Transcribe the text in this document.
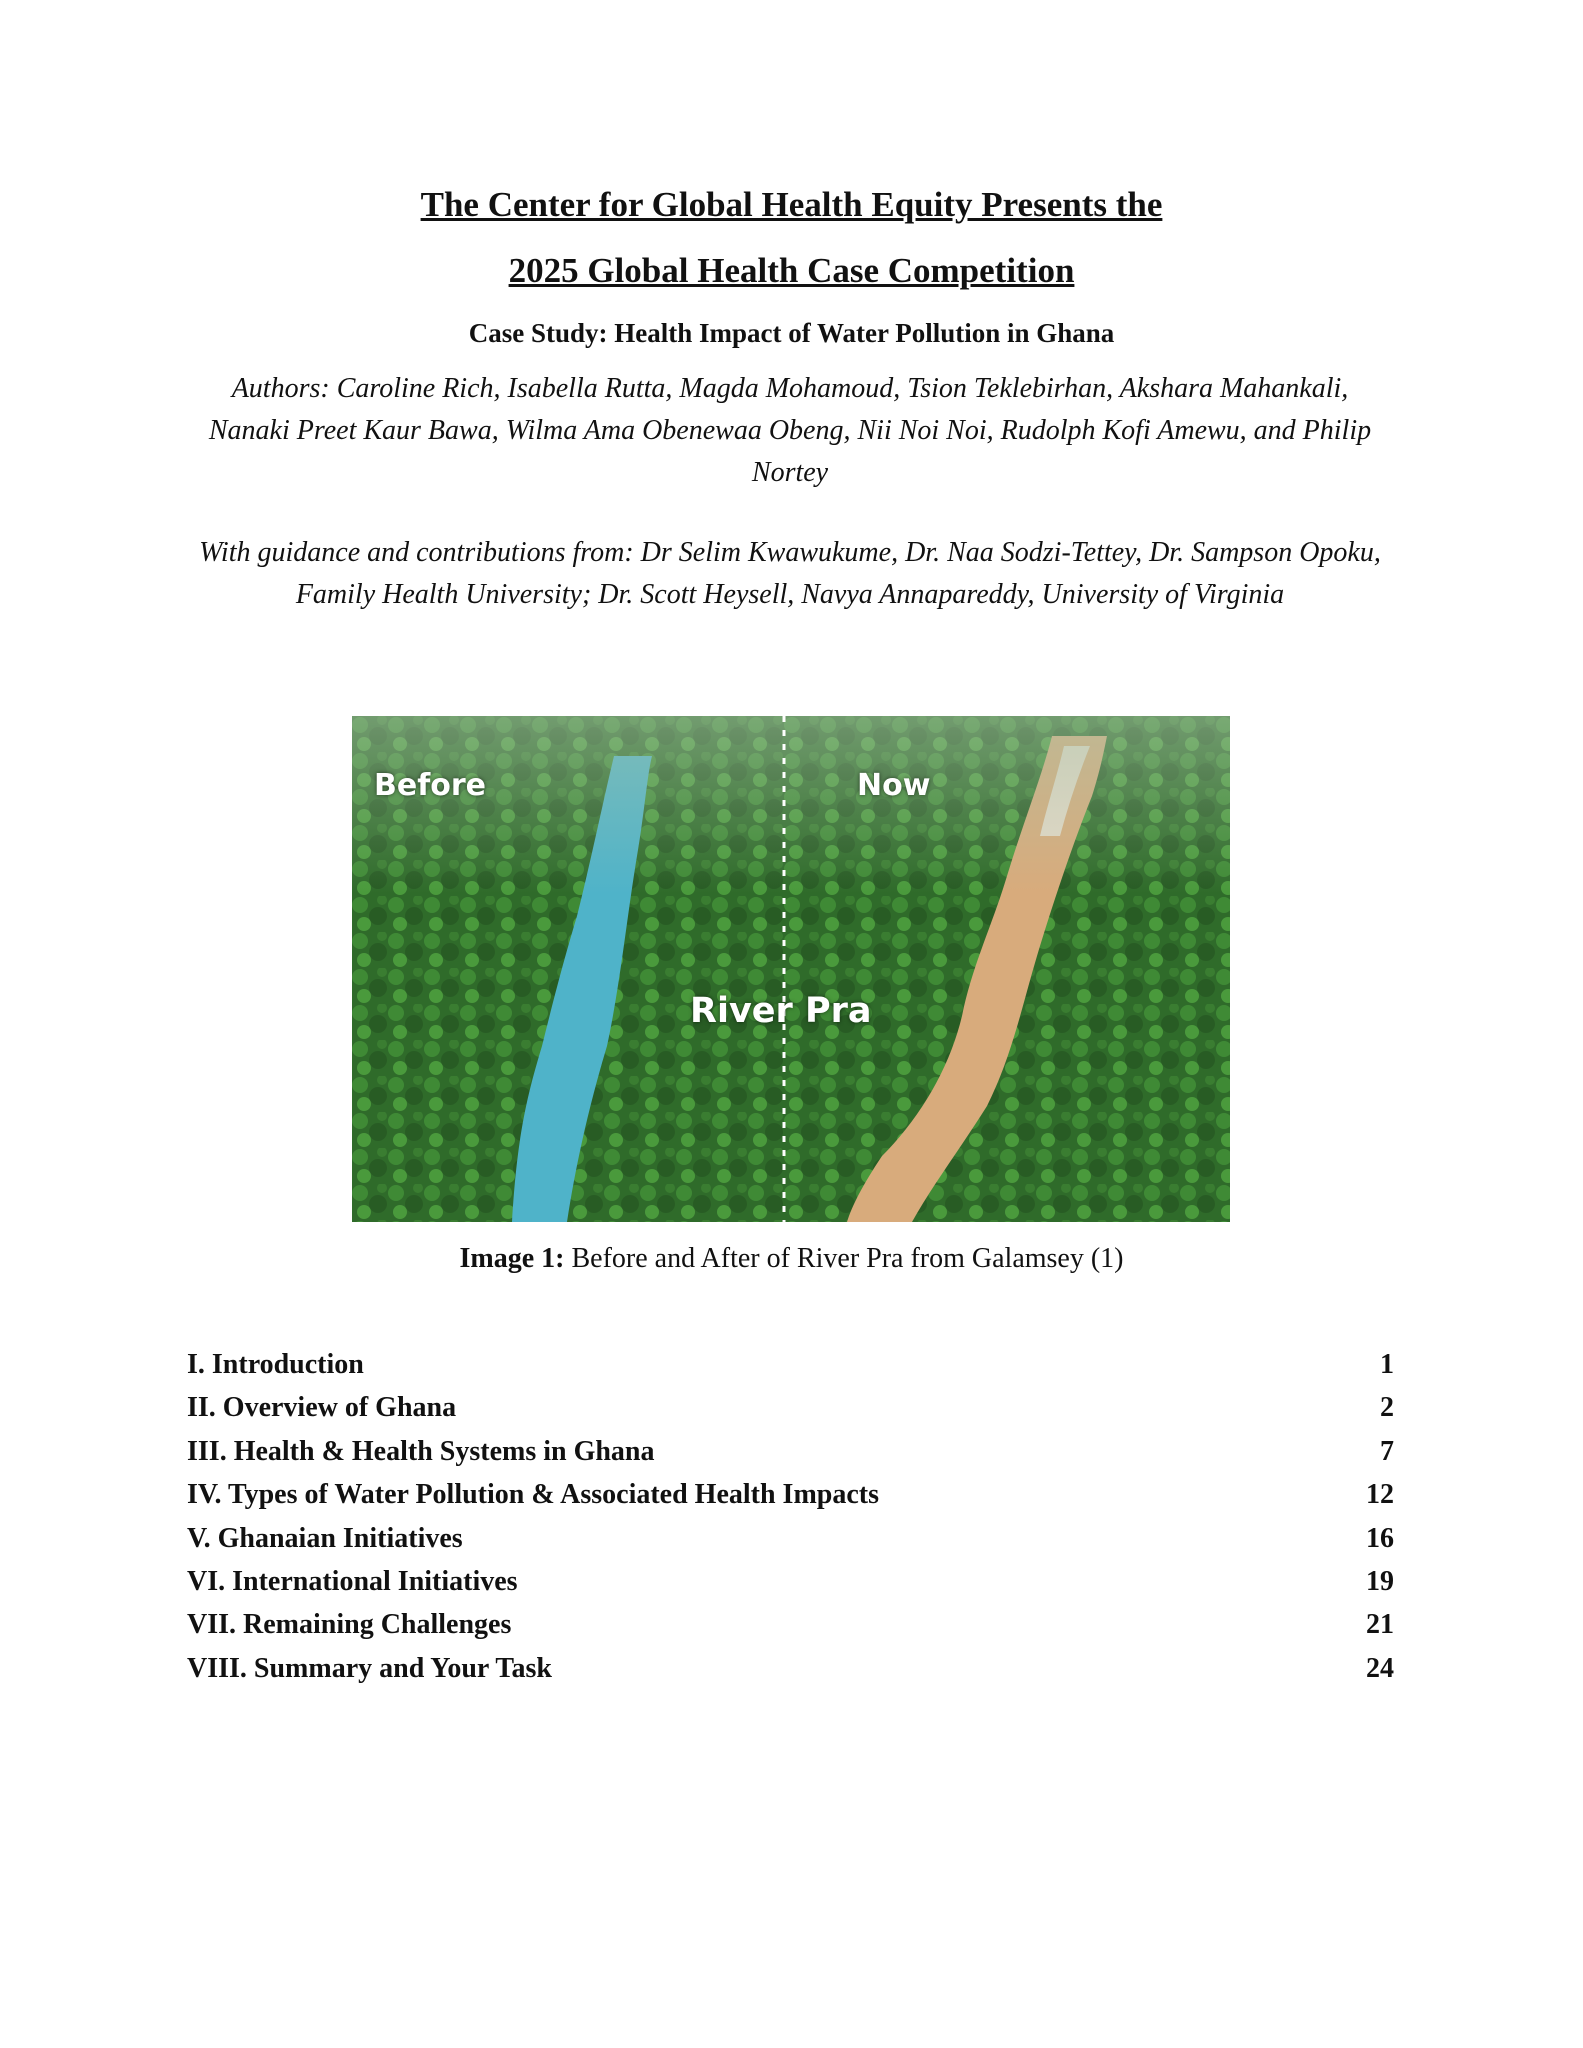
The Center for Global Health Equity Presents the
2025 Global Health Case Competition
Case Study: Health Impact of Water Pollution in Ghana
Authors: Caroline Rich, Isabella Rutta, Magda Mohamoud, Tsion Teklebirhan, Akshara Mahankali, Nanaki Preet Kaur Bawa, Wilma Ama Obenewaa Obeng, Nii Noi Noi, Rudolph Kofi Amewu, and Philip Nortey
With guidance and contributions from: Dr Selim Kwawukume, Dr. Naa Sodzi-Tettey, Dr. Sampson Opoku, Family Health University; Dr. Scott Heysell, Navya Annapareddy, University of Virginia
Before	Now
River Pra
Image 1: Before and After of River Pra from Galamsey (1)
I. Introduction	1
II. Overview of Ghana	2
III. Health & Health Systems in Ghana	7
IV. Types of Water Pollution & Associated Health Impacts	12
V. Ghanaian Initiatives	16
VI. International Initiatives	19
VII. Remaining Challenges	21
VIII. Summary and Your Task	24
